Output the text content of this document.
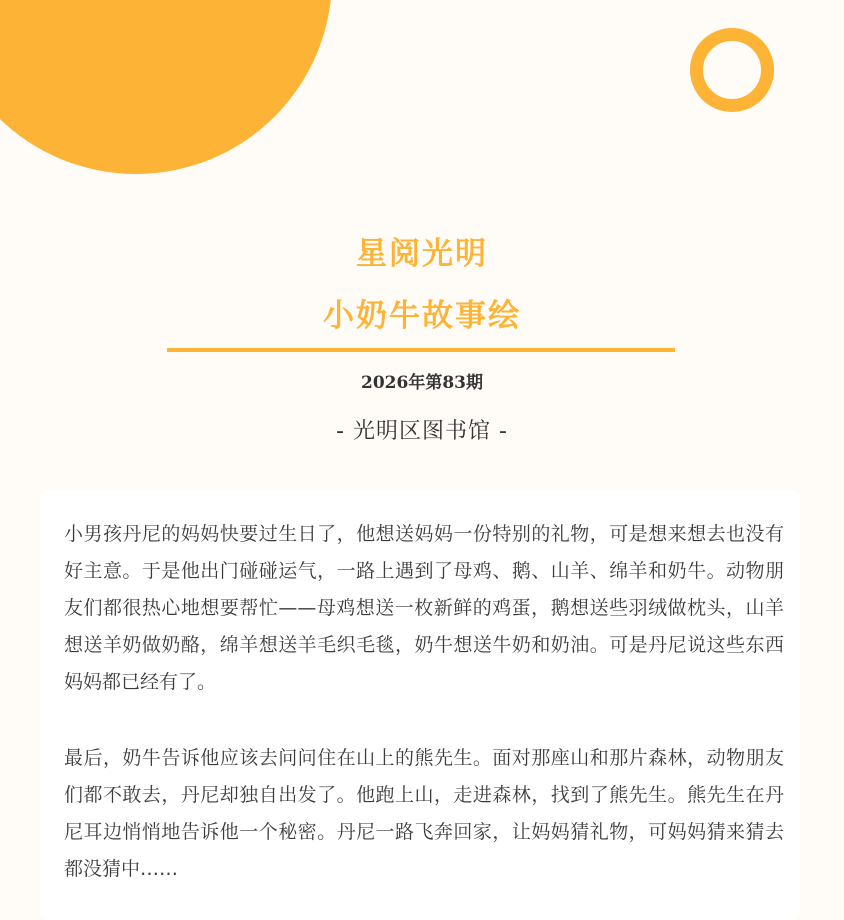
星阅光明
小奶牛故事绘
2026年第83期
- 光明区图书馆 -

小男孩丹尼的妈妈快要过生日了，他想送妈妈一份特别的礼物，可是想来想去也没有好主意。于是他出门碰碰运气，一路上遇到了母鸡、鹅、山羊、绵羊和奶牛。动物朋友们都很热心地想要帮忙——母鸡想送一枚新鲜的鸡蛋，鹅想送些羽绒做枕头，山羊想送羊奶做奶酪，绵羊想送羊毛织毛毯，奶牛想送牛奶和奶油。可是丹尼说这些东西妈妈都已经有了。

最后，奶牛告诉他应该去问问住在山上的熊先生。面对那座山和那片森林，动物朋友们都不敢去，丹尼却独自出发了。他跑上山，走进森林，找到了熊先生。熊先生在丹尼耳边悄悄地告诉他一个秘密。丹尼一路飞奔回家，让妈妈猜礼物，可妈妈猜来猜去都没猜中……
